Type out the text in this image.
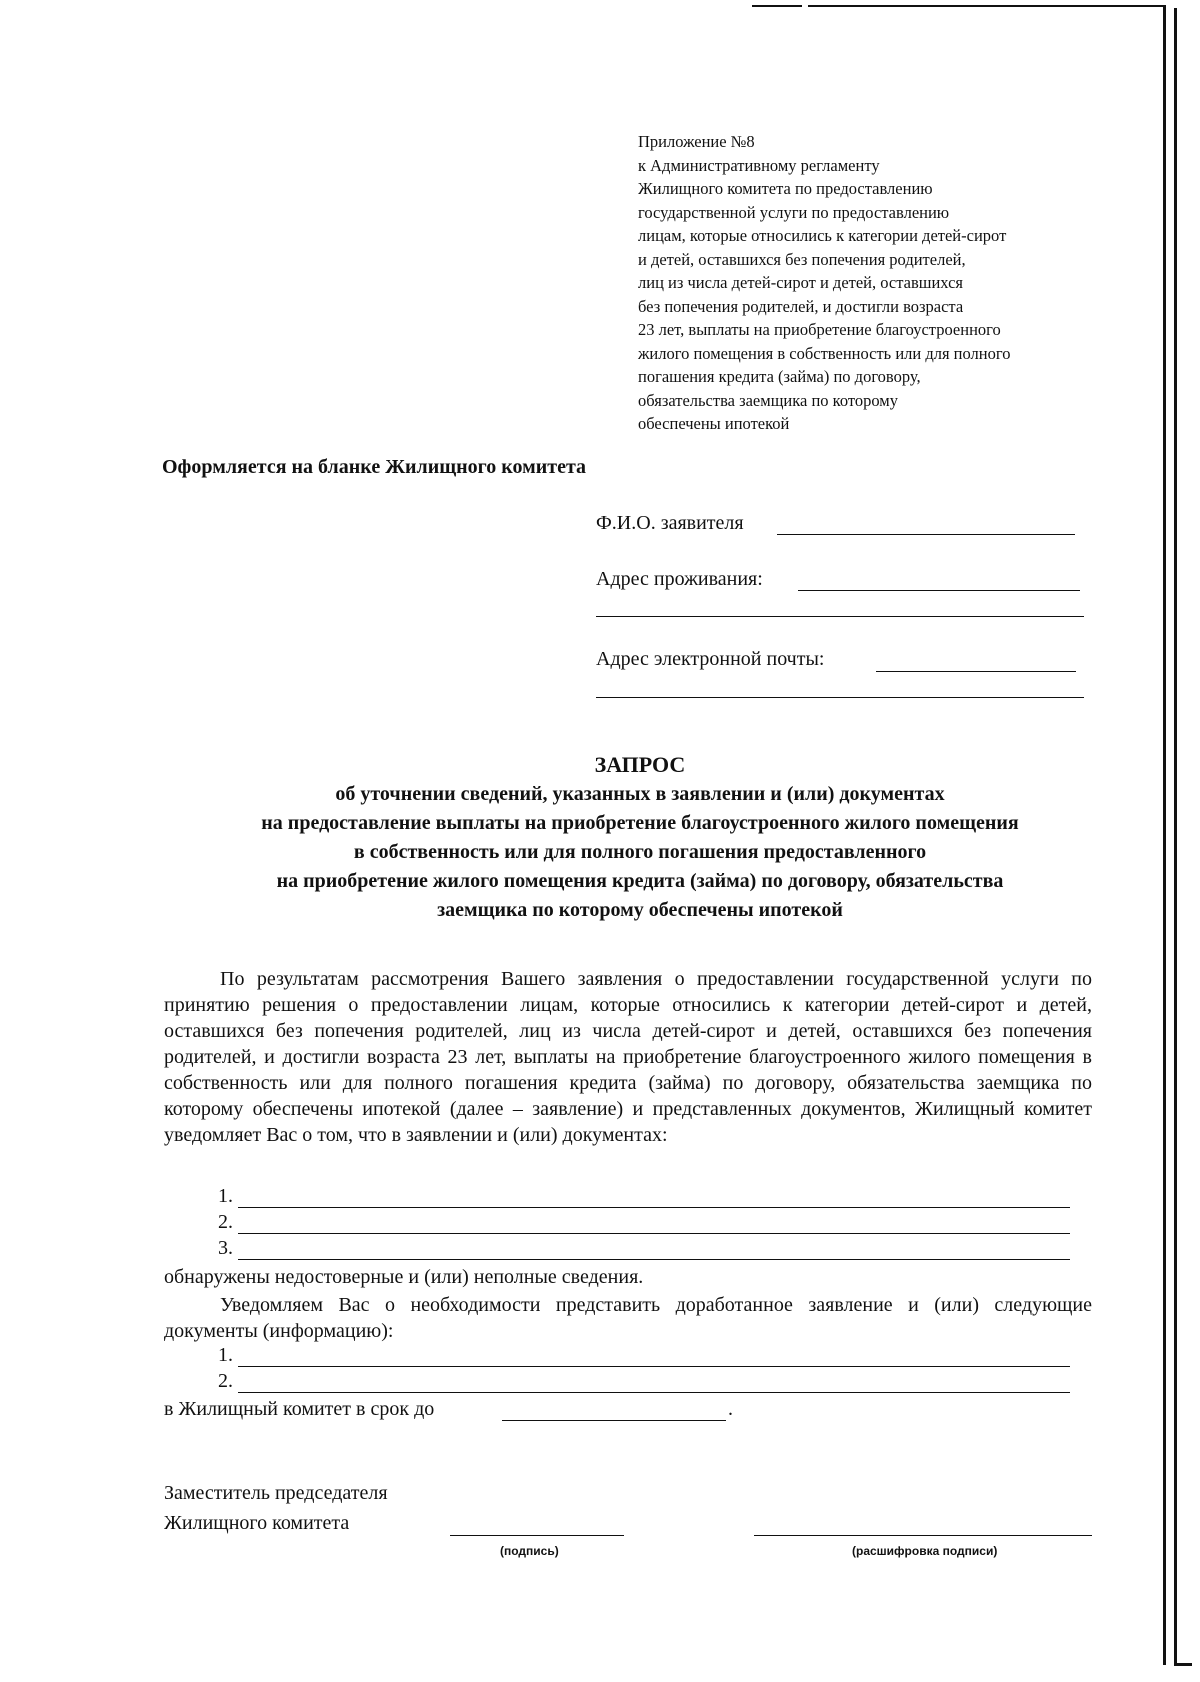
Приложение №8
к Административному регламенту
Жилищного комитета по предоставлению
государственной услуги по предоставлению
лицам, которые относились к категории детей-сирот
и детей, оставшихся без попечения родителей,
лиц из числа детей-сирот и детей, оставшихся
без попечения родителей, и достигли возраста
23 лет, выплаты на приобретение благоустроенного
жилого помещения в собственность или для полного
погашения кредита (займа) по договору,
обязательства заемщика по которому
обеспечены ипотекой
Оформляется на бланке Жилищного комитета
Ф.И.О. заявителя
Адрес проживания:
Адрес электронной почты:
ЗАПРОС
об уточнении сведений, указанных в заявлении и (или) документах
на предоставление выплаты на приобретение благоустроенного жилого помещения
в собственность или для полного погашения предоставленного
на приобретение жилого помещения кредита (займа) по договору, обязательства
заемщика по которому обеспечены ипотекой

По результатам рассмотрения Вашего заявления о предоставлении государственной услуги по принятию решения о предоставлении лицам, которые относились к категории детей-сирот и детей, оставшихся без попечения родителей, лиц из числа детей-сирот и детей, оставшихся без попечения родителей, и достигли возраста 23 лет, выплаты на приобретение благоустроенного жилого помещения в собственность или для полного погашения кредита (займа) по договору, обязательства заемщика по которому обеспечены ипотекой (далее – заявление) и представленных документов, Жилищный комитет уведомляет Вас о том, что в заявлении и (или) документах:

1.
2.
3.
обнаружены недостоверные и (или) неполные сведения.

Уведомляем Вас о необходимости представить доработанное заявление и (или) следующие документы (информацию):

1.
2.
в Жилищный комитет в срок до	.
Заместитель председателя
Жилищного комитета
(подпись)	(расшифровка подписи)
